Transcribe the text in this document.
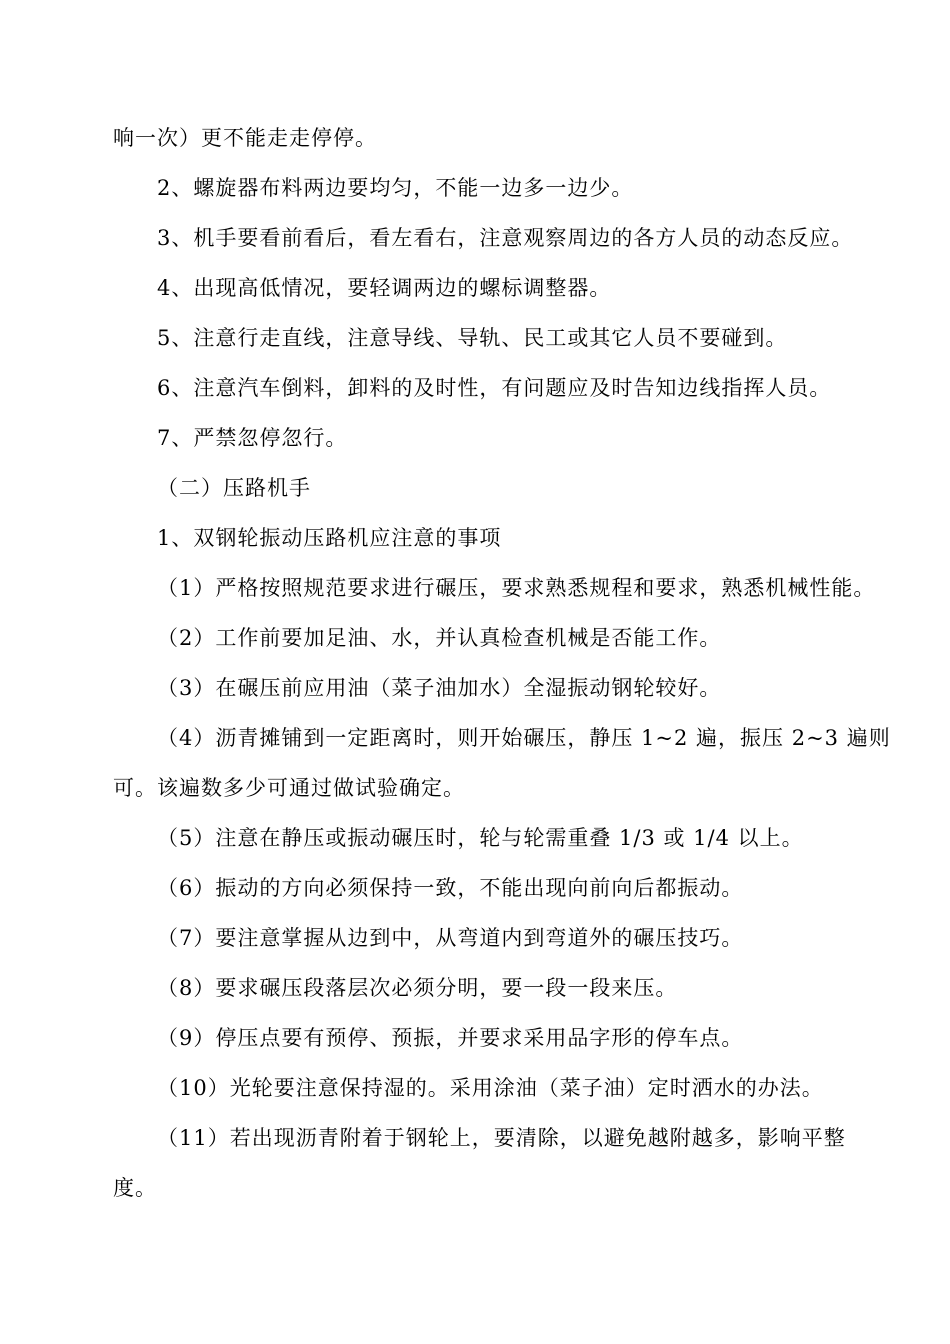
响一次）更不能走走停停。
2、螺旋器布料两边要均匀，不能一边多一边少。
3、机手要看前看后，看左看右，注意观察周边的各方人员的动态反应。
4、出现高低情况，要轻调两边的螺标调整器。
5、注意行走直线，注意导线、导轨、民工或其它人员不要碰到。
6、注意汽车倒料，卸料的及时性，有问题应及时告知边线指挥人员。
7、严禁忽停忽行。
（二）压路机手
1、双钢轮振动压路机应注意的事项
（1）严格按照规范要求进行碾压，要求熟悉规程和要求，熟悉机械性能。
（2）工作前要加足油、水，并认真检查机械是否能工作。
（3）在碾压前应用油（菜子油加水）全湿振动钢轮较好。
（4）沥青摊铺到一定距离时，则开始碾压，静压 1~2 遍，振压 2~3 遍则
可。该遍数多少可通过做试验确定。
（5）注意在静压或振动碾压时，轮与轮需重叠 1/3 或 1/4 以上。
（6）振动的方向必须保持一致，不能出现向前向后都振动。
（7）要注意掌握从边到中，从弯道内到弯道外的碾压技巧。
（8）要求碾压段落层次必须分明，要一段一段来压。
（9）停压点要有预停、预振，并要求采用品字形的停车点。
（10）光轮要注意保持湿的。采用涂油（菜子油）定时洒水的办法。
（11）若出现沥青附着于钢轮上，要清除，以避免越附越多，影响平整
度。
